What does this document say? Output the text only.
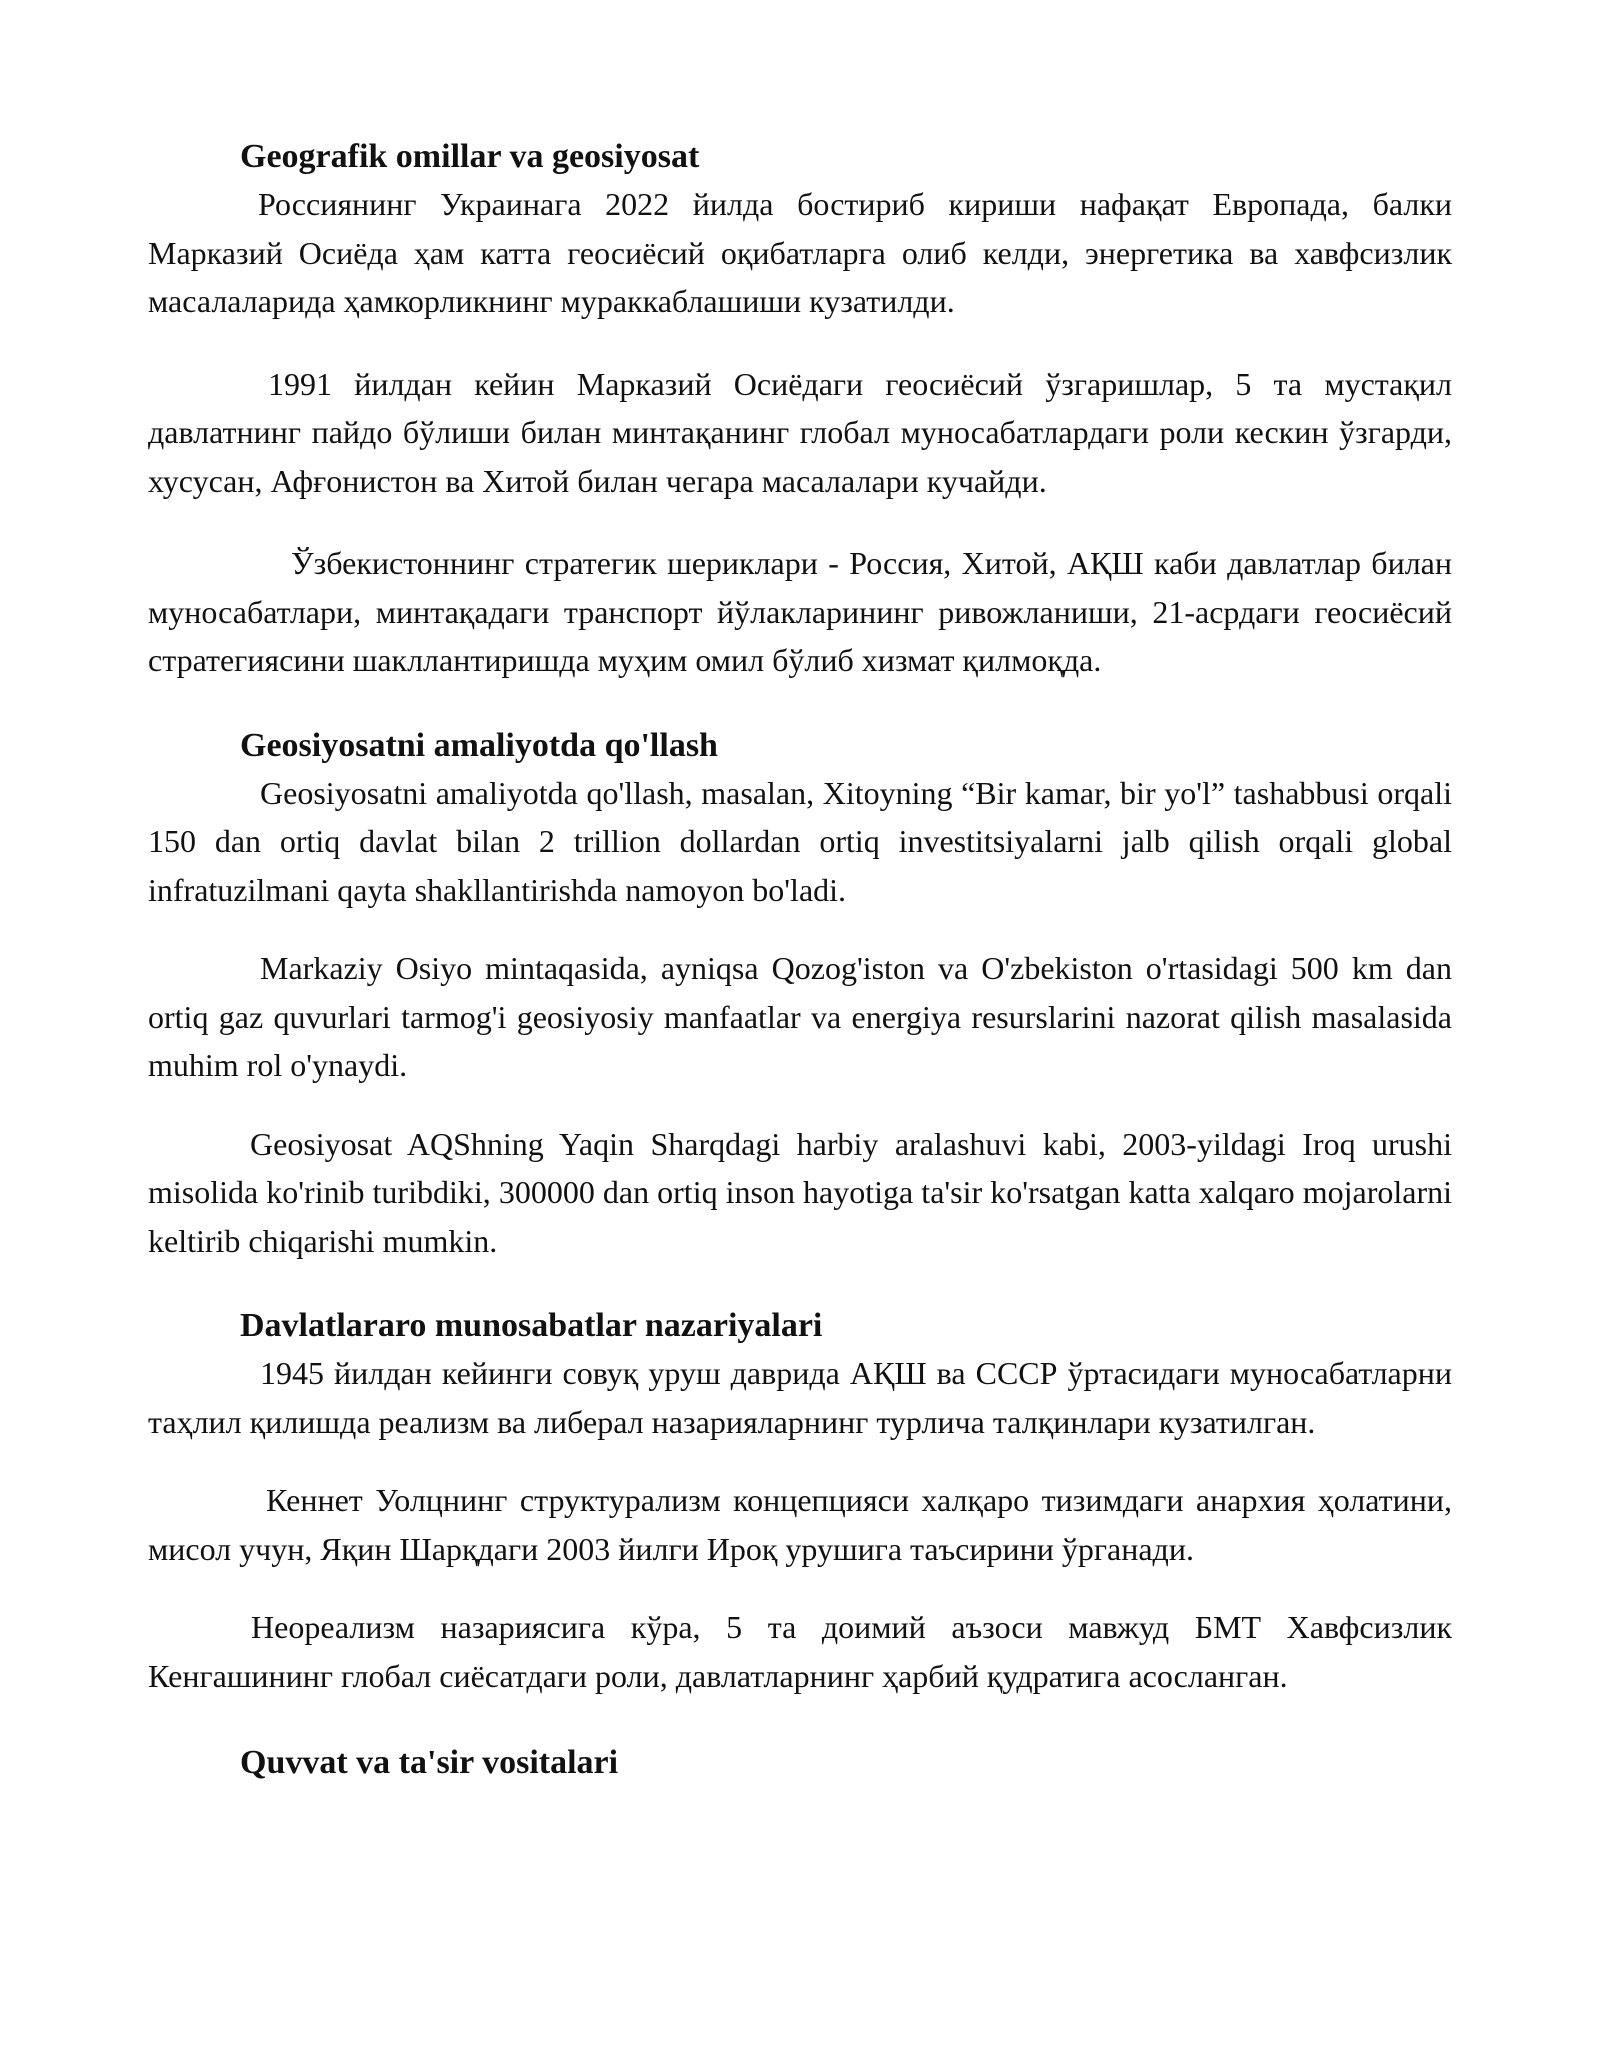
Geografik omillar va geosiyosat

Россиянинг Украинага 2022 йилда бостириб кириши нафақат Европада, балки Марказий Осиёда ҳам катта геосиёсий оқибатларга олиб келди, энергетика ва хавфсизлик масалаларида ҳамкорликнинг мураккаблашиши кузатилди.

1991 йилдан кейин Марказий Осиёдаги геосиёсий ўзгаришлар, 5 та мустақил давлатнинг пайдо бўлиши билан минтақанинг глобал муносабатлардаги роли кескин ўзгарди, хусусан, Афғонистон ва Хитой билан чегара масалалари кучайди.

Ўзбекистоннинг стратегик шериклари - Россия, Хитой, АҚШ каби давлатлар билан муносабатлари, минтақадаги транспорт йўлакларининг ривожланиши, 21-асрдаги геосиёсий стратегиясини шакллантиришда муҳим омил бўлиб хизмат қилмоқда.

Geosiyosatni amaliyotda qo'llash

Geosiyosatni amaliyotda qo'llash, masalan, Xitoyning “Bir kamar, bir yo'l” tashabbusi orqali 150 dan ortiq davlat bilan 2 trillion dollardan ortiq investitsiyalarni jalb qilish orqali global infratuzilmani qayta shakllantirishda namoyon bo'ladi.

Markaziy Osiyo mintaqasida, ayniqsa Qozog'iston va O'zbekiston o'rtasidagi 500 km dan ortiq gaz quvurlari tarmog'i geosiyosiy manfaatlar va energiya resurslarini nazorat qilish masalasida muhim rol o'ynaydi.

Geosiyosat AQShning Yaqin Sharqdagi harbiy aralashuvi kabi, 2003-yildagi Iroq urushi misolida ko'rinib turibdiki, 300000 dan ortiq inson hayotiga ta'sir ko'rsatgan katta xalqaro mojarolarni keltirib chiqarishi mumkin.

Davlatlararo munosabatlar nazariyalari

1945 йилдан кейинги совуқ уруш даврида АҚШ ва СССР ўртасидаги муносабатларни таҳлил қилишда реализм ва либерал назарияларнинг турлича талқинлари кузатилган.

Кеннет Уолцнинг структурализм концепцияси халқаро тизимдаги анархия ҳолатини, мисол учун, Яқин Шарқдаги 2003 йилги Ироқ урушига таъсирини ўрганади.

Неореализм назариясига кўра, 5 та доимий аъзоси мавжуд БМТ Хавфсизлик Кенгашининг глобал сиёсатдаги роли, давлатларнинг ҳарбий қудратига асосланган.

Quvvat va ta'sir vositalari
